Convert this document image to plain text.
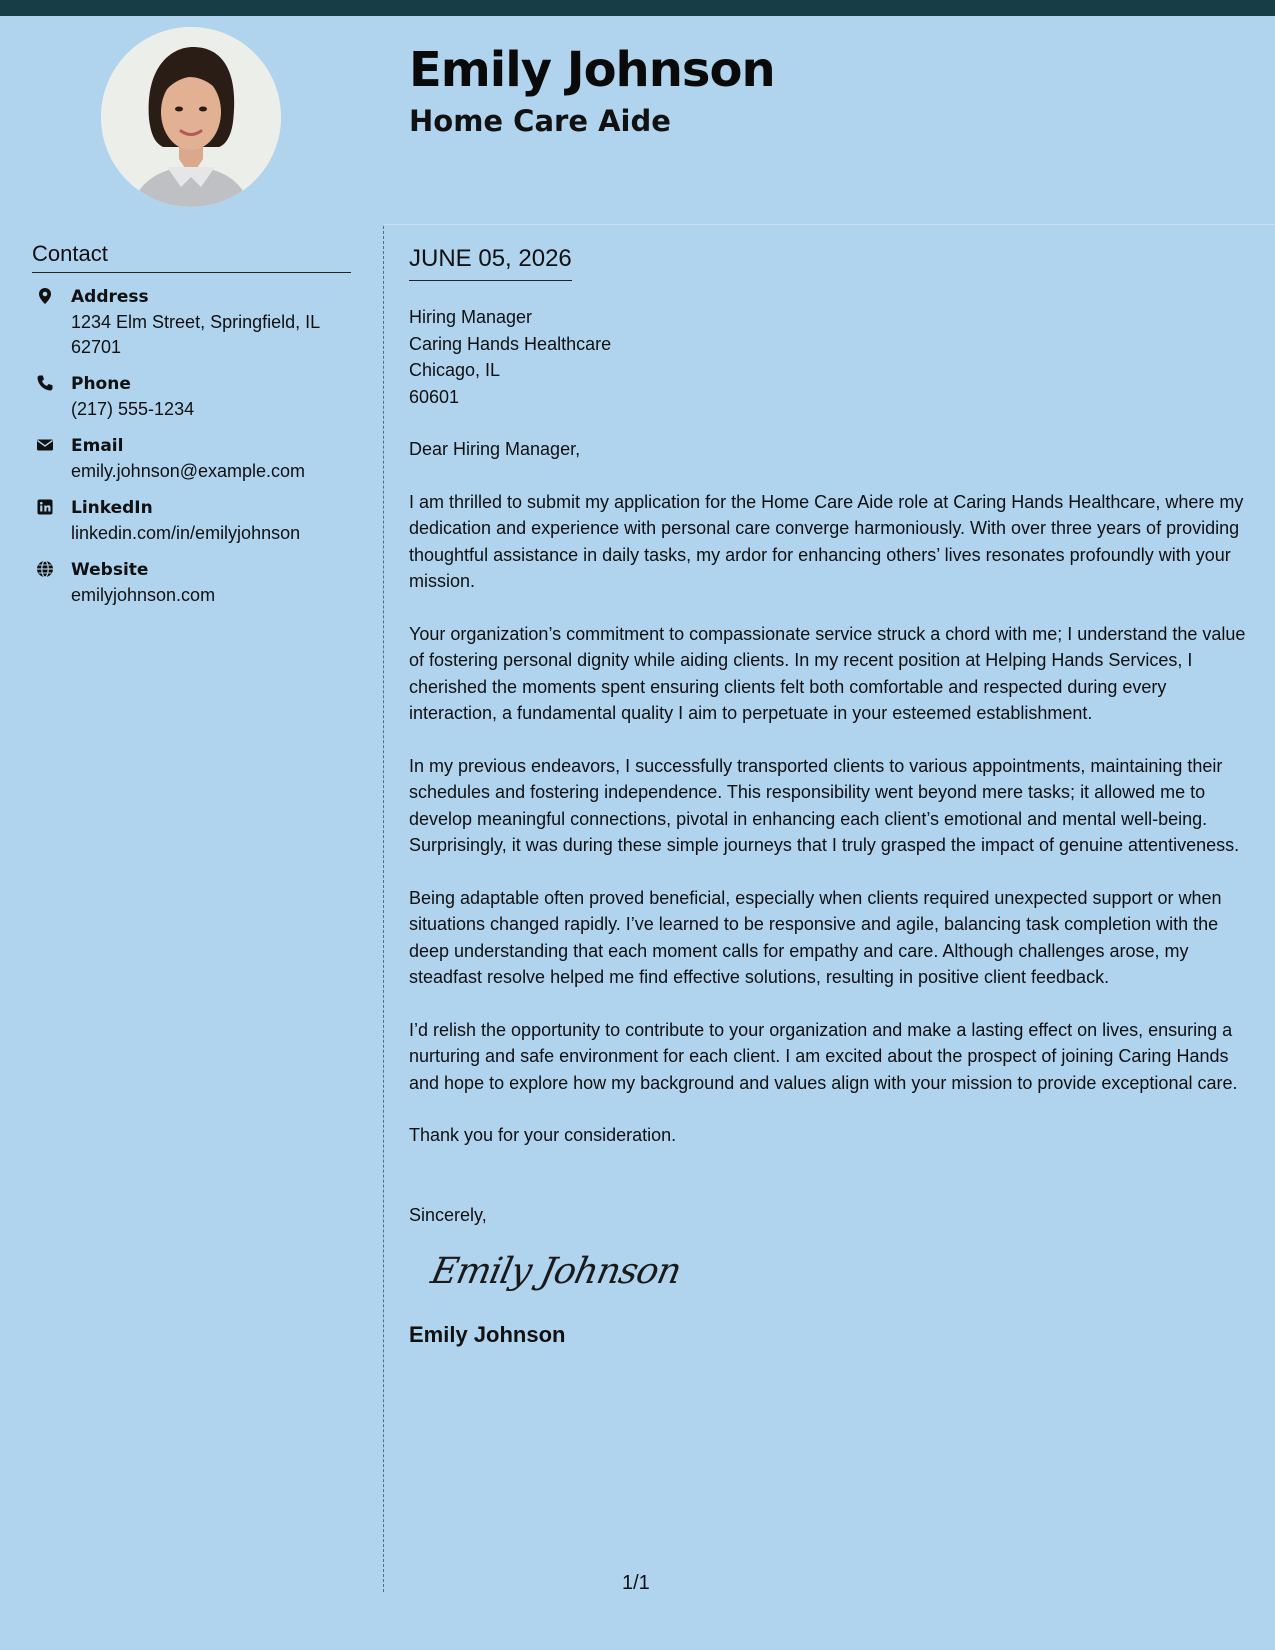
Emily Johnson
Home Care Aide
Contact
Address
1234 Elm Street, Springfield, IL 62701
Phone
(217) 555-1234
Email
emily.johnson@example.com
LinkedIn
linkedin.com/in/emilyjohnson
Website
emilyjohnson.com
JUNE 05, 2026
Hiring Manager
Caring Hands Healthcare
Chicago, IL
60601
Dear Hiring Manager,

I am thrilled to submit my application for the Home Care Aide role at Caring Hands Healthcare, where my dedication and experience with personal care converge harmoniously. With over three years of providing thoughtful assistance in daily tasks, my ardor for enhancing others’ lives resonates profoundly with your mission.

Your organization’s commitment to compassionate service struck a chord with me; I understand the value of fostering personal dignity while aiding clients. In my recent position at Helping Hands Services, I cherished the moments spent ensuring clients felt both comfortable and respected during every interaction, a fundamental quality I aim to perpetuate in your esteemed establishment.

In my previous endeavors, I successfully transported clients to various appointments, maintaining their schedules and fostering independence. This responsibility went beyond mere tasks; it allowed me to develop meaningful connections, pivotal in enhancing each client’s emotional and mental well-being. Surprisingly, it was during these simple journeys that I truly grasped the impact of genuine attentiveness.

Being adaptable often proved beneficial, especially when clients required unexpected support or when situations changed rapidly. I’ve learned to be responsive and agile, balancing task completion with the deep understanding that each moment calls for empathy and care. Although challenges arose, my steadfast resolve helped me find effective solutions, resulting in positive client feedback.

I’d relish the opportunity to contribute to your organization and make a lasting effect on lives, ensuring a nurturing and safe environment for each client. I am excited about the prospect of joining Caring Hands and hope to explore how my background and values align with your mission to provide exceptional care.

Thank you for your consideration.

Sincerely,
Emily Johnson
Emily Johnson
1/1
